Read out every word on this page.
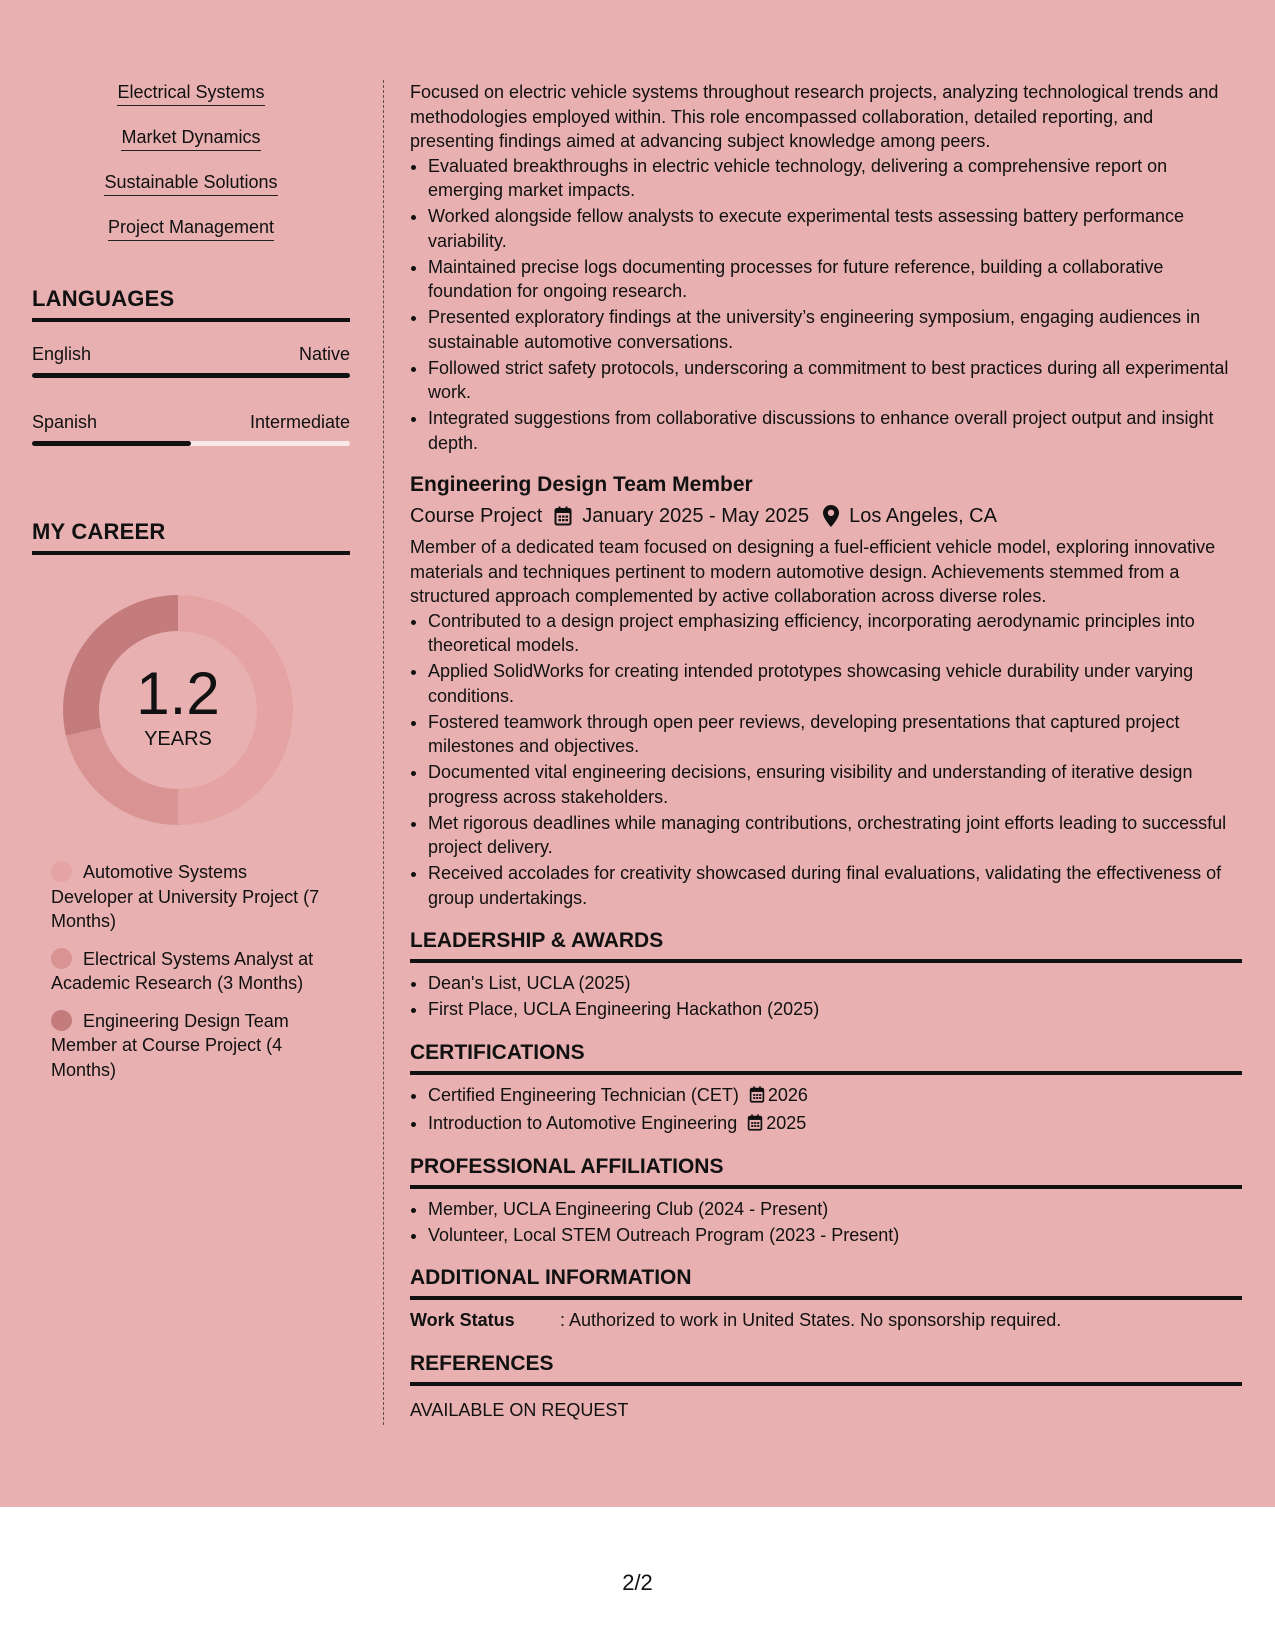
Electrical Systems
Market Dynamics
Sustainable Solutions
Project Management
LANGUAGES
English	Native
Spanish	Intermediate
MY CAREER
1.2
YEARS
Automotive Systems Developer at University Project (7 Months)
Electrical Systems Analyst at Academic Research (3 Months)
Engineering Design Team Member at Course Project (4 Months)

Focused on electric vehicle systems throughout research projects, analyzing technological trends and methodologies employed within. This role encompassed collaboration, detailed reporting, and presenting findings aimed at advancing subject knowledge among peers.

• Evaluated breakthroughs in electric vehicle technology, delivering a comprehensive report on emerging market impacts.
• Worked alongside fellow analysts to execute experimental tests assessing battery performance variability.
• Maintained precise logs documenting processes for future reference, building a collaborative foundation for ongoing research.
• Presented exploratory findings at the university’s engineering symposium, engaging audiences in sustainable automotive conversations.
• Followed strict safety protocols, underscoring a commitment to best practices during all experimental work.
• Integrated suggestions from collaborative discussions to enhance overall project output and insight depth.
Engineering Design Team Member
Course Project January 2025 - May 2025 Los Angeles, CA

Member of a dedicated team focused on designing a fuel-efficient vehicle model, exploring innovative materials and techniques pertinent to modern automotive design. Achievements stemmed from a structured approach complemented by active collaboration across diverse roles.

• Contributed to a design project emphasizing efficiency, incorporating aerodynamic principles into theoretical models.
• Applied SolidWorks for creating intended prototypes showcasing vehicle durability under varying conditions.
• Fostered teamwork through open peer reviews, developing presentations that captured project milestones and objectives.
• Documented vital engineering decisions, ensuring visibility and understanding of iterative design progress across stakeholders.
• Met rigorous deadlines while managing contributions, orchestrating joint efforts leading to successful project delivery.
• Received accolades for creativity showcased during final evaluations, validating the effectiveness of group undertakings.
LEADERSHIP & AWARDS
• Dean's List, UCLA (2025)
• First Place, UCLA Engineering Hackathon (2025)
CERTIFICATIONS
• Certified Engineering Technician (CET) 2026
• Introduction to Automotive Engineering 2025
PROFESSIONAL AFFILIATIONS
• Member, UCLA Engineering Club (2024 - Present)
• Volunteer, Local STEM Outreach Program (2023 - Present)
ADDITIONAL INFORMATION
Work Status	: Authorized to work in United States. No sponsorship required.
REFERENCES

AVAILABLE ON REQUEST

2/2
